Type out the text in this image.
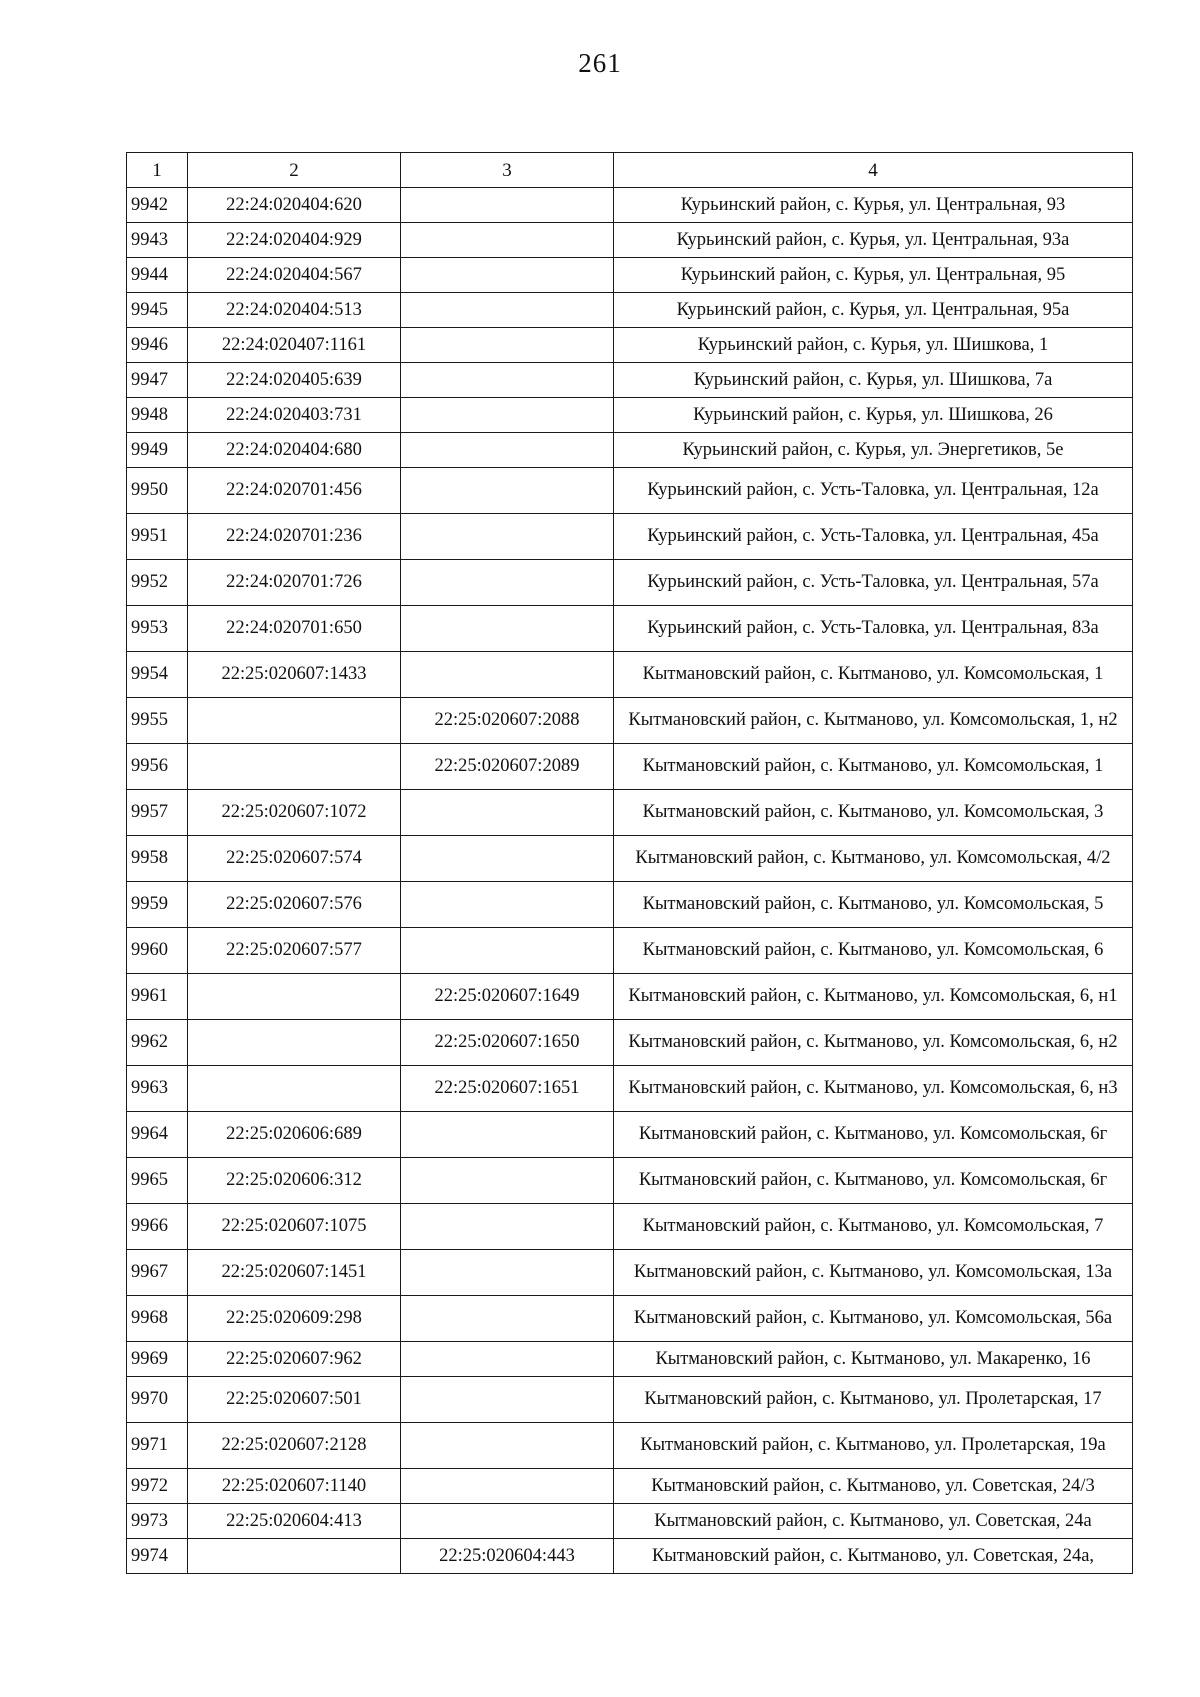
261
1	2	3	4
9942	22:24:020404:620		Курьинский район, с. Курья, ул. Центральная, 93
9943	22:24:020404:929		Курьинский район, с. Курья, ул. Центральная, 93а
9944	22:24:020404:567		Курьинский район, с. Курья, ул. Центральная, 95
9945	22:24:020404:513		Курьинский район, с. Курья, ул. Центральная, 95а
9946	22:24:020407:1161		Курьинский район, с. Курья, ул. Шишкова, 1
9947	22:24:020405:639		Курьинский район, с. Курья, ул. Шишкова, 7а
9948	22:24:020403:731		Курьинский район, с. Курья, ул. Шишкова, 26
9949	22:24:020404:680		Курьинский район, с. Курья, ул. Энергетиков, 5е
9950	22:24:020701:456		Курьинский район, с. Усть-Таловка, ул. Центральная, 12а
9951	22:24:020701:236		Курьинский район, с. Усть-Таловка, ул. Центральная, 45а
9952	22:24:020701:726		Курьинский район, с. Усть-Таловка, ул. Центральная, 57а
9953	22:24:020701:650		Курьинский район, с. Усть-Таловка, ул. Центральная, 83а
9954	22:25:020607:1433		Кытмановский район, с. Кытманово, ул. Комсомольская, 1
9955		22:25:020607:2088	Кытмановский район, с. Кытманово, ул. Комсомольская, 1, н2
9956		22:25:020607:2089	Кытмановский район, с. Кытманово, ул. Комсомольская, 1
9957	22:25:020607:1072		Кытмановский район, с. Кытманово, ул. Комсомольская, 3
9958	22:25:020607:574		Кытмановский район, с. Кытманово, ул. Комсомольская, 4/2
9959	22:25:020607:576		Кытмановский район, с. Кытманово, ул. Комсомольская, 5
9960	22:25:020607:577		Кытмановский район, с. Кытманово, ул. Комсомольская, 6
9961		22:25:020607:1649	Кытмановский район, с. Кытманово, ул. Комсомольская, 6, н1
9962		22:25:020607:1650	Кытмановский район, с. Кытманово, ул. Комсомольская, 6, н2
9963		22:25:020607:1651	Кытмановский район, с. Кытманово, ул. Комсомольская, 6, н3
9964	22:25:020606:689		Кытмановский район, с. Кытманово, ул. Комсомольская, 6г
9965	22:25:020606:312		Кытмановский район, с. Кытманово, ул. Комсомольская, 6г
9966	22:25:020607:1075		Кытмановский район, с. Кытманово, ул. Комсомольская, 7
9967	22:25:020607:1451		Кытмановский район, с. Кытманово, ул. Комсомольская, 13а
9968	22:25:020609:298		Кытмановский район, с. Кытманово, ул. Комсомольская, 56а
9969	22:25:020607:962		Кытмановский район, с. Кытманово, ул. Макаренко, 16
9970	22:25:020607:501		Кытмановский район, с. Кытманово, ул. Пролетарская, 17
9971	22:25:020607:2128		Кытмановский район, с. Кытманово, ул. Пролетарская, 19а
9972	22:25:020607:1140		Кытмановский район, с. Кытманово, ул. Советская, 24/3
9973	22:25:020604:413		Кытмановский район, с. Кытманово, ул. Советская, 24а
9974		22:25:020604:443	Кытмановский район, с. Кытманово, ул. Советская, 24а,
